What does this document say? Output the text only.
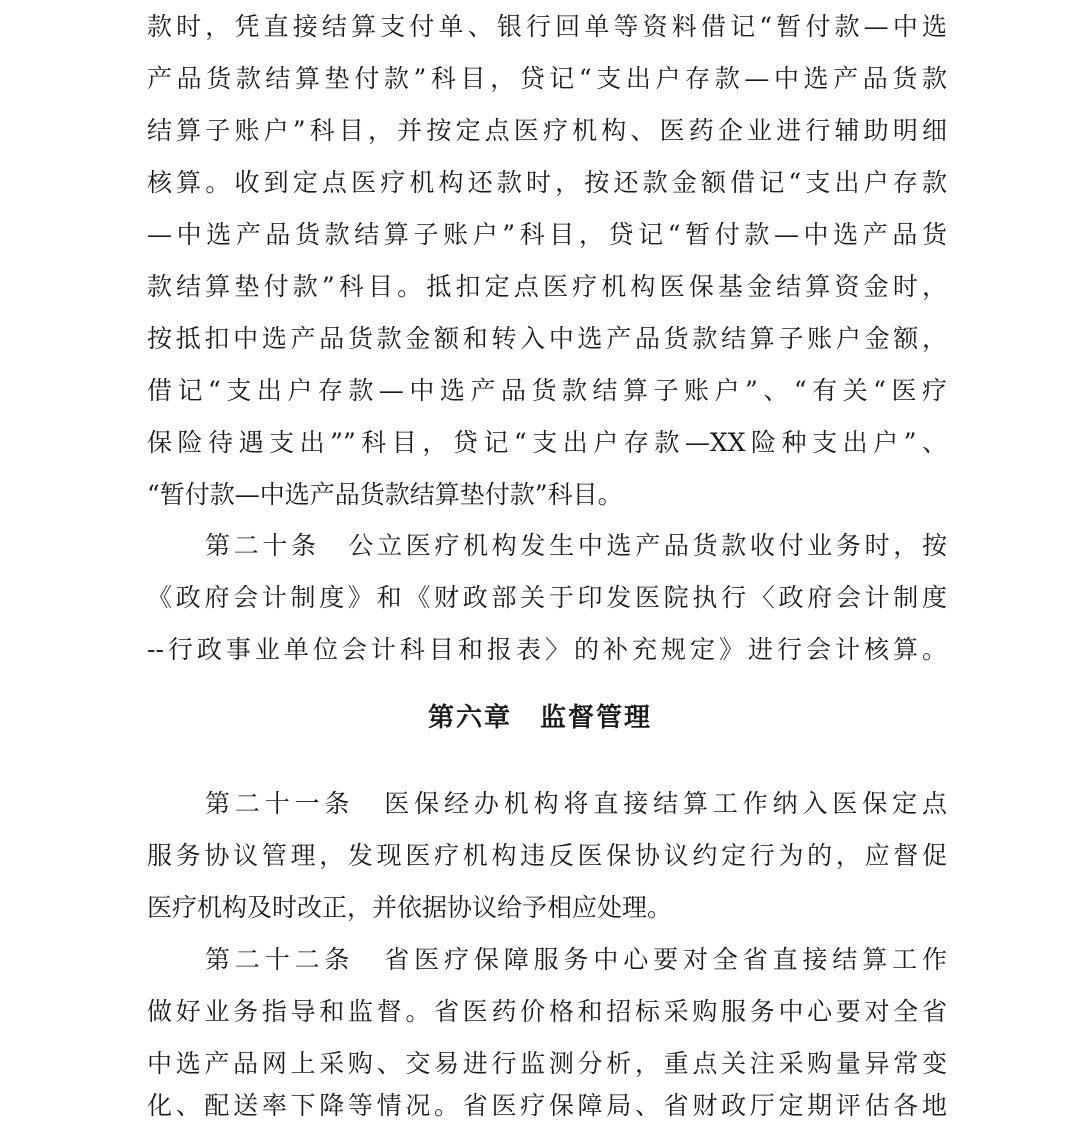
款时，凭直接结算支付单、银行回单等资料借记“暂付款—中选
产品货款结算垫付款”科目，贷记“支出户存款—中选产品货款
结算子账户”科目，并按定点医疗机构、医药企业进行辅助明细
核算。收到定点医疗机构还款时，按还款金额借记“支出户存款
—中选产品货款结算子账户”科目，贷记“暂付款—中选产品货
款结算垫付款”科目。抵扣定点医疗机构医保基金结算资金时，
按抵扣中选产品货款金额和转入中选产品货款结算子账户金额，
借记“支出户存款—中选产品货款结算子账户”、“有关“医疗
保险待遇支出””科目，贷记“支出户存款—XX险种支出户”、
“暂付款—中选产品货款结算垫付款”科目。
第二十条　公立医疗机构发生中选产品货款收付业务时，按
《政府会计制度》和《财政部关于印发医院执行〈政府会计制度
--行政事业单位会计科目和报表〉的补充规定》进行会计核算。
第六章　监督管理
第二十一条　医保经办机构将直接结算工作纳入医保定点
服务协议管理，发现医疗机构违反医保协议约定行为的，应督促
医疗机构及时改正，并依据协议给予相应处理。
第二十二条　省医疗保障服务中心要对全省直接结算工作
做好业务指导和监督。省医药价格和招标采购服务中心要对全省
中选产品网上采购、交易进行监测分析，重点关注采购量异常变
化、配送率下降等情况。省医疗保障局、省财政厅定期评估各地
